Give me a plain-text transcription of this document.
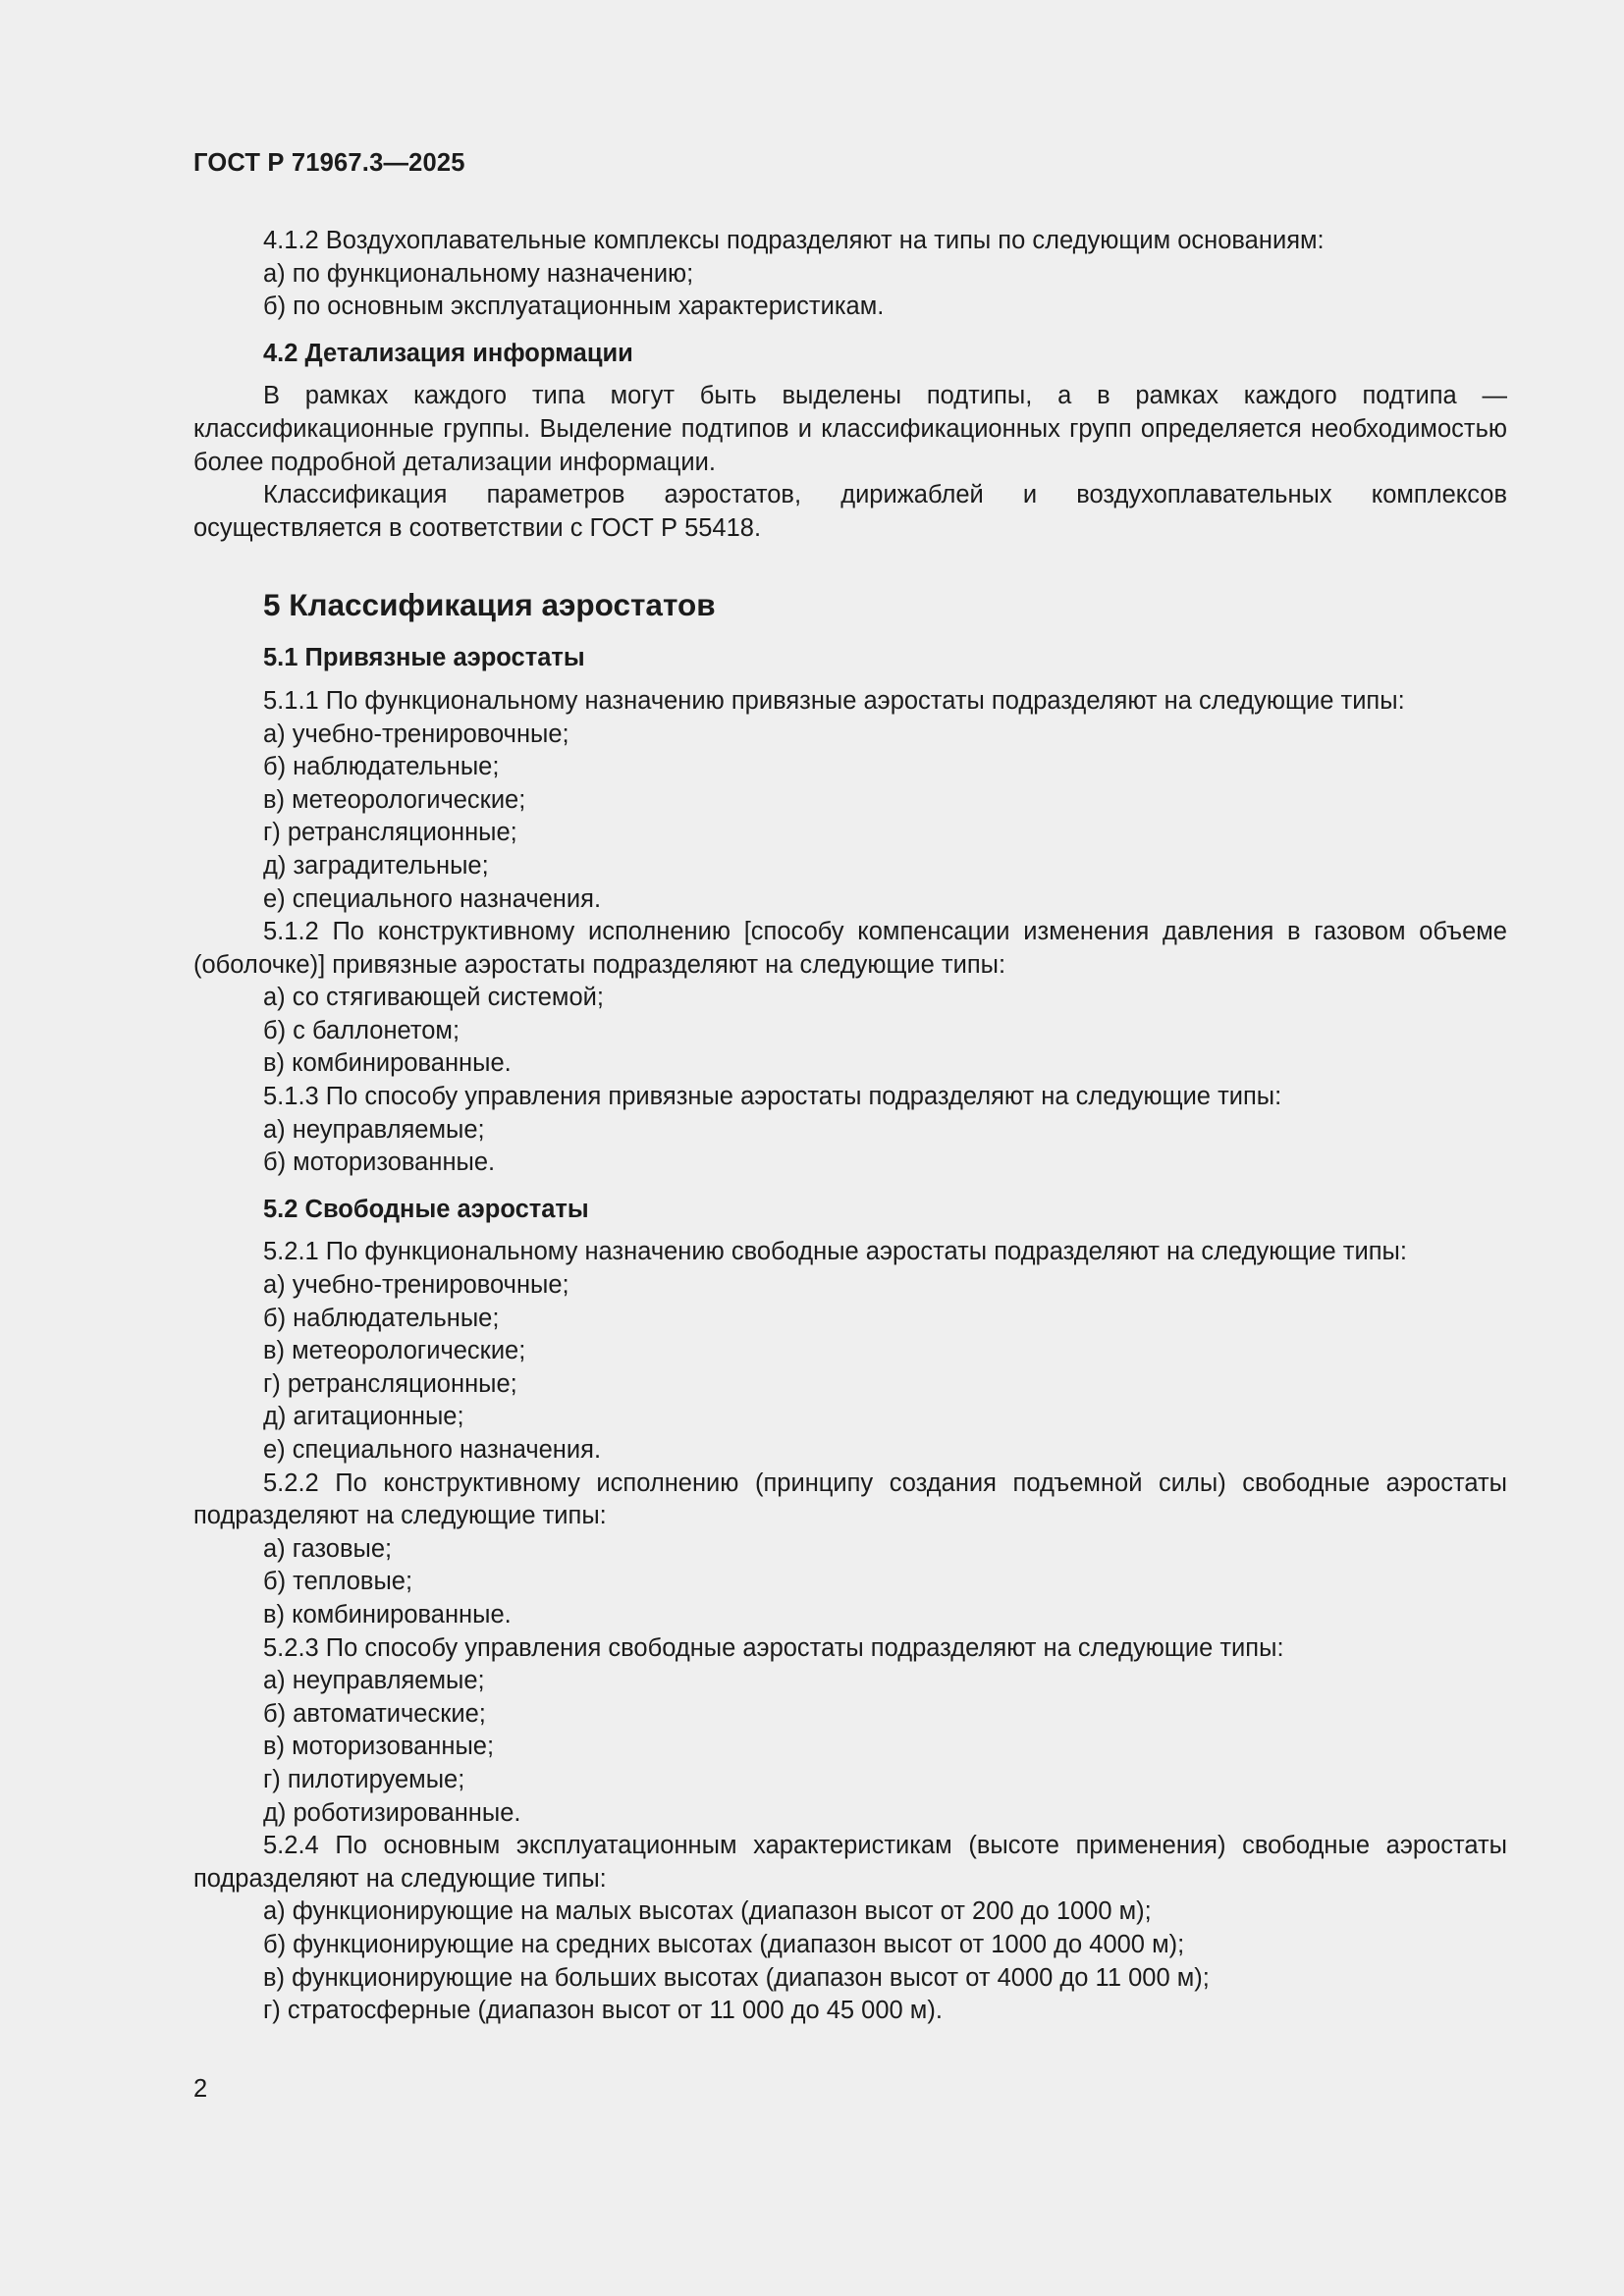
ГОСТ Р 71967.3—2025
4.1.2 Воздухоплавательные комплексы подразделяют на типы по следующим основаниям:
а) по функциональному назначению;
б) по основным эксплуатационным характеристикам.
4.2 Детализация информации
В рамках каждого типа могут быть выделены подтипы, а в рамках каждого подтипа — классификационные группы. Выделение подтипов и классификационных групп определяется необходимостью более подробной детализации информации.
Классификация параметров аэростатов, дирижаблей и воздухоплавательных комплексов осуществляется в соответствии с ГОСТ Р 55418.
5 Классификация аэростатов
5.1 Привязные аэростаты
5.1.1 По функциональному назначению привязные аэростаты подразделяют на следующие типы:
а) учебно-тренировочные;
б) наблюдательные;
в) метеорологические;
г) ретрансляционные;
д) заградительные;
е) специального назначения.
5.1.2 По конструктивному исполнению [способу компенсации изменения давления в газовом объеме (оболочке)] привязные аэростаты подразделяют на следующие типы:
а) со стягивающей системой;
б) с баллонетом;
в) комбинированные.
5.1.3 По способу управления привязные аэростаты подразделяют на следующие типы:
а) неуправляемые;
б) моторизованные.
5.2 Свободные аэростаты
5.2.1 По функциональному назначению свободные аэростаты подразделяют на следующие типы:
а) учебно-тренировочные;
б) наблюдательные;
в) метеорологические;
г) ретрансляционные;
д) агитационные;
е) специального назначения.
5.2.2 По конструктивному исполнению (принципу создания подъемной силы) свободные аэростаты подразделяют на следующие типы:
а) газовые;
б) тепловые;
в) комбинированные.
5.2.3 По способу управления свободные аэростаты подразделяют на следующие типы:
а) неуправляемые;
б) автоматические;
в) моторизованные;
г) пилотируемые;
д) роботизированные.
5.2.4 По основным эксплуатационным характеристикам (высоте применения) свободные аэростаты подразделяют на следующие типы:
а) функционирующие на малых высотах (диапазон высот от 200 до 1000 м);
б) функционирующие на средних высотах (диапазон высот от 1000 до 4000 м);
в) функционирующие на больших высотах (диапазон высот от 4000 до 11 000 м);
г) стратосферные (диапазон высот от 11 000 до 45 000 м).
2
